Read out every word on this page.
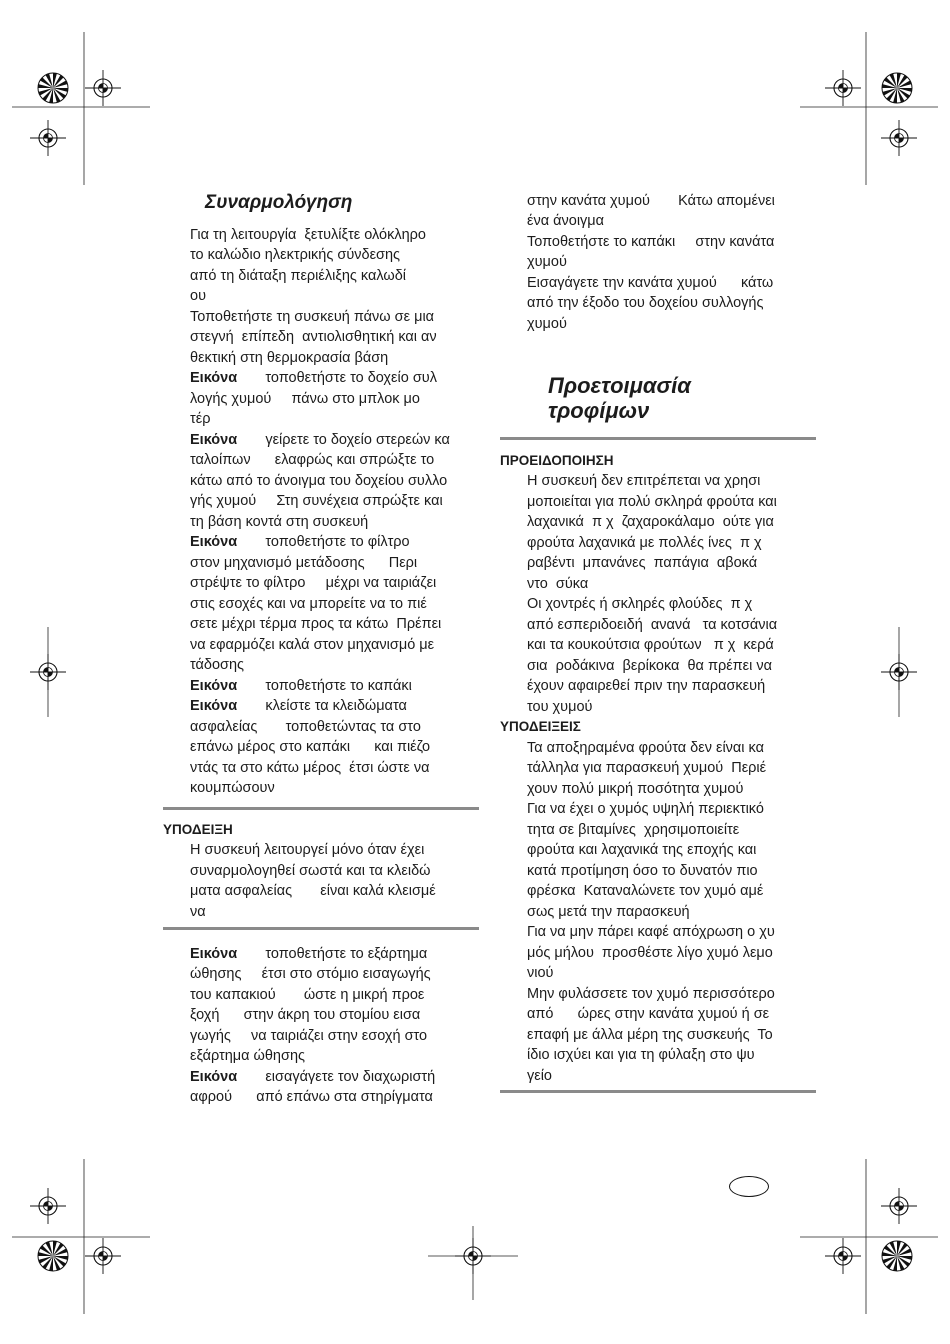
Συναρμολόγηση
Για τη λειτουργία  ξετυλίξτε ολόκληρο
το καλώδιο ηλεκτρικής σύνδεσης
από τη διάταξη περιέλιξης καλωδί
ου
Τοποθετήστε τη συσκευή πάνω σε μια
στεγνή  επίπεδη  αντιολισθητική και αν
θεκτική στη θερμοκρασία βάση
Εικόνα       τοποθετήστε το δοχείο συλ
λογής χυμού     πάνω στο μπλοκ μο
τέρ
Εικόνα       γείρετε το δοχείο στερεών κα
ταλοίπων      ελαφρώς και σπρώξτε το
κάτω από το άνοιγμα του δοχείου συλλο
γής χυμού     Στη συνέχεια σπρώξτε και
τη βάση κοντά στη συσκευή
Εικόνα       τοποθετήστε το φίλτρο
στον μηχανισμό μετάδοσης      Περι
στρέψτε το φίλτρο     μέχρι να ταιριάζει
στις εσοχές και να μπορείτε να το πιέ
σετε μέχρι τέρμα προς τα κάτω  Πρέπει
να εφαρμόζει καλά στον μηχανισμό με
τάδοσης
Εικόνα       τοποθετήστε το καπάκι
Εικόνα       κλείστε τα κλειδώματα
ασφαλείας       τοποθετώντας τα στο
επάνω μέρος στο καπάκι      και πιέζο
ντάς τα στο κάτω μέρος  έτσι ώστε να
κουμπώσουν
ΥΠΟΔΕΙΞΗ
Η συσκευή λειτουργεί μόνο όταν έχει
συναρμολογηθεί σωστά και τα κλειδώ
ματα ασφαλείας       είναι καλά κλεισμέ
να
Εικόνα       τοποθετήστε το εξάρτημα
ώθησης     έτσι στο στόμιο εισαγωγής
του καπακιού       ώστε η μικρή προε
ξοχή      στην άκρη του στομίου εισα
γωγής     να ταιριάζει στην εσοχή στο
εξάρτημα ώθησης
Εικόνα       εισαγάγετε τον διαχωριστή
αφρού      από επάνω στα στηρίγματα
στην κανάτα χυμού       Κάτω απομένει
ένα άνοιγμα
Τοποθετήστε το καπάκι     στην κανάτα
χυμού
Εισαγάγετε την κανάτα χυμού      κάτω
από την έξοδο του δοχείου συλλογής
χυμού
Προετοιμασία
τροφίμων
ΠΡΟΕΙΔΟΠΟΙΗΣΗ
Η συσκευή δεν επιτρέπεται να χρησι
μοποιείται για πολύ σκληρά φρούτα και
λαχανικά  π χ  ζαχαροκάλαμο  ούτε για
φρούτα λαχανικά με πολλές ίνες  π χ
ραβέντι  μπανάνες  παπάγια  αβοκά
ντο  σύκα
Οι χοντρές ή σκληρές φλούδες  π χ
από εσπεριδοειδή  ανανά   τα κοτσάνια
και τα κουκούτσια φρούτων   π χ  κερά
σια  ροδάκινα  βερίκοκα  θα πρέπει να
έχουν αφαιρεθεί πριν την παρασκευή
του χυμού
ΥΠΟΔΕΙΞΕΙΣ
Τα αποξηραμένα φρούτα δεν είναι κα
τάλληλα για παρασκευή χυμού  Περιέ
χουν πολύ μικρή ποσότητα χυμού
Για να έχει ο χυμός υψηλή περιεκτικό
τητα σε βιταμίνες  χρησιμοποιείτε
φρούτα και λαχανικά της εποχής και
κατά προτίμηση όσο το δυνατόν πιο
φρέσκα  Καταναλώνετε τον χυμό αμέ
σως μετά την παρασκευή
Για να μην πάρει καφέ απόχρωση ο χυ
μός μήλου  προσθέστε λίγο χυμό λεμο
νιού
Μην φυλάσσετε τον χυμό περισσότερο
από      ώρες στην κανάτα χυμού ή σε
επαφή με άλλα μέρη της συσκευής  Το
ίδιο ισχύει και για τη φύλαξη στο ψυ
γείο
